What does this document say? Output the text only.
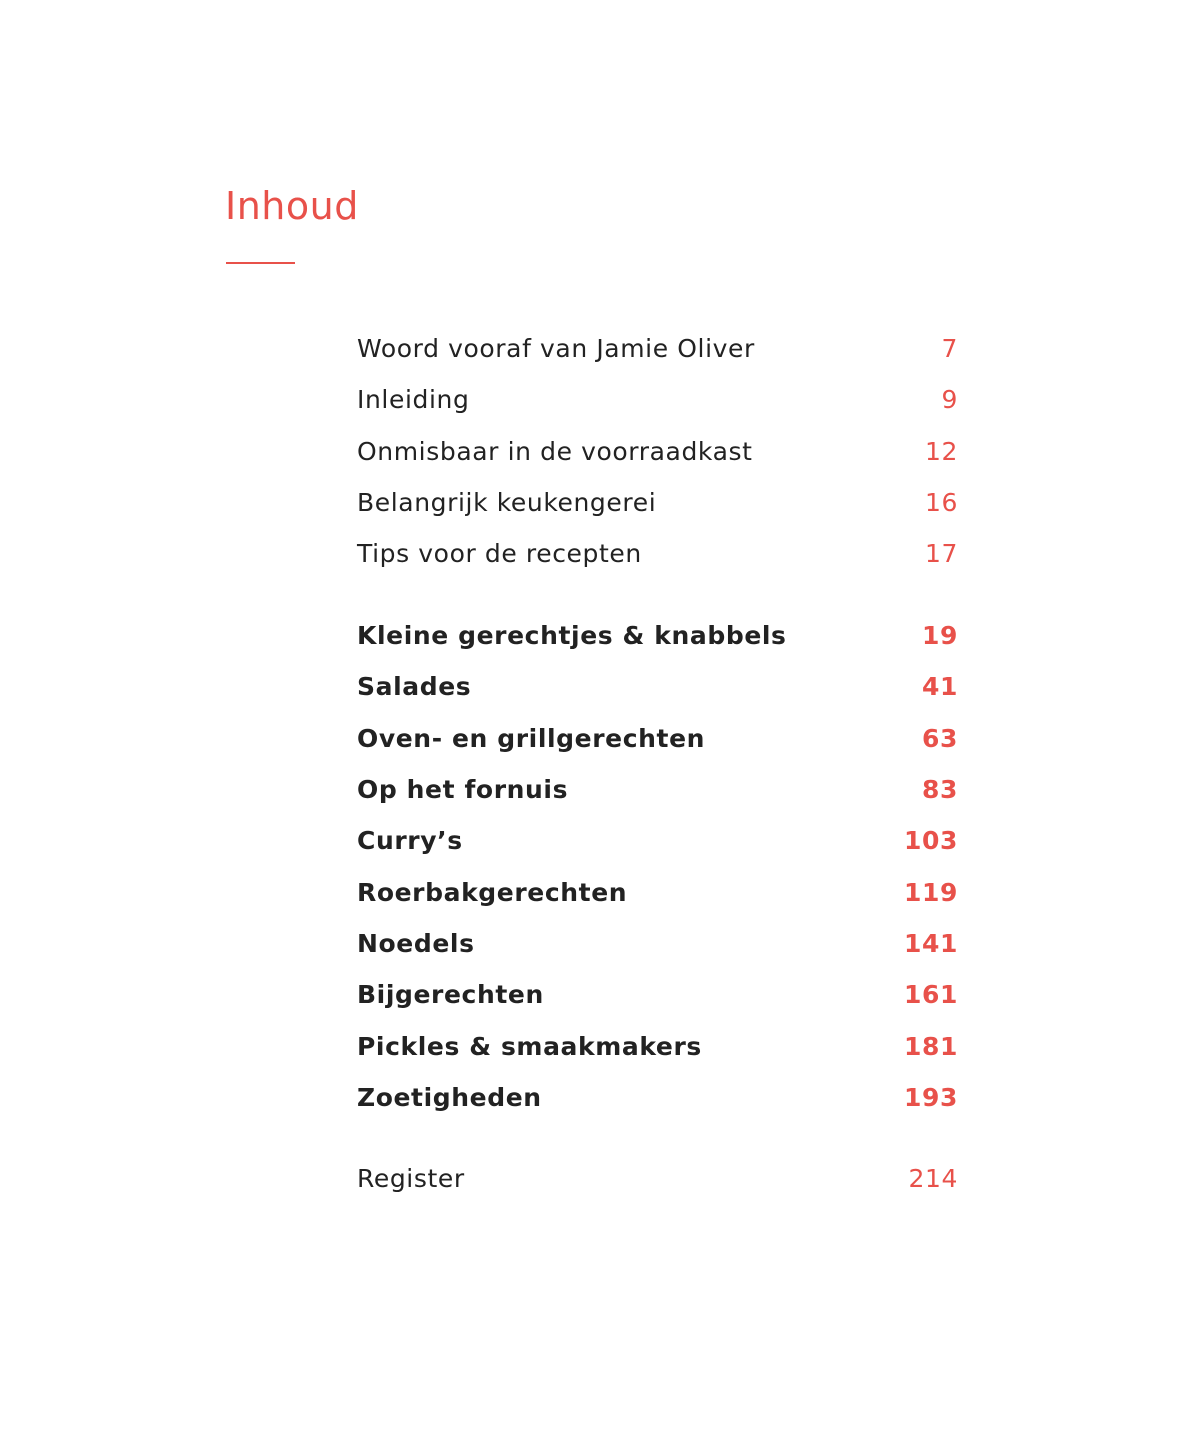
Inhoud
Woord vooraf van Jamie Oliver	7
Inleiding	9
Onmisbaar in de voorraadkast	12
Belangrijk keukengerei	16
Tips voor de recepten	17
Kleine gerechtjes & knabbels	19
Salades	41
Oven- en grillgerechten	63
Op het fornuis	83
Curry’s	103
Roerbakgerechten	119
Noedels	141
Bijgerechten	161
Pickles & smaakmakers	181
Zoetigheden	193
Register	214
